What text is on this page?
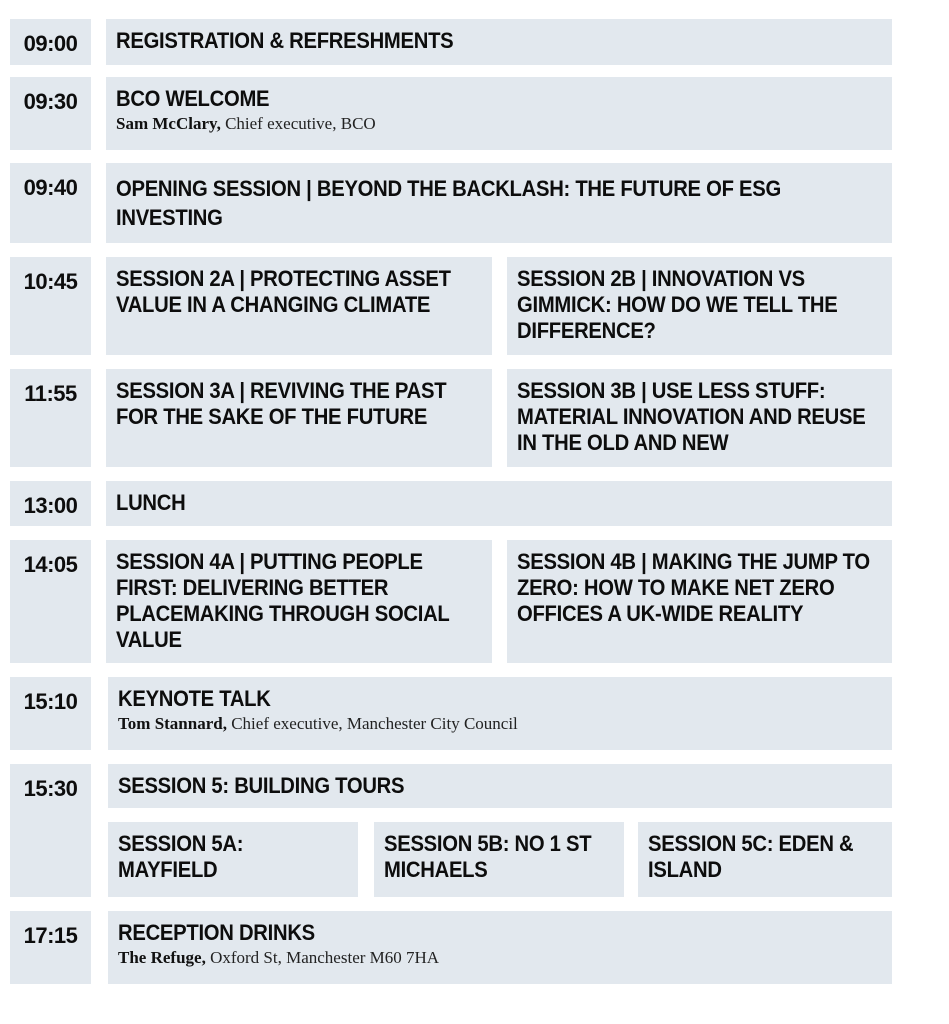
09:00	REGISTRATION & REFRESHMENTS
09:30	BCO WELCOME
Sam McClary, Chief executive, BCO
09:40	OPENING SESSION | BEYOND THE BACKLASH: THE FUTURE OF ESG INVESTING
10:45	SESSION 2A | PROTECTING ASSET VALUE IN A CHANGING CLIMATE
SESSION 2B | INNOVATION VS GIMMICK: HOW DO WE TELL THE DIFFERENCE?
11:55	SESSION 3A | REVIVING THE PAST FOR THE SAKE OF THE FUTURE
SESSION 3B | USE LESS STUFF: MATERIAL INNOVATION AND REUSE IN THE OLD AND NEW
13:00	LUNCH
14:05	SESSION 4A | PUTTING PEOPLE FIRST: DELIVERING BETTER PLACEMAKING THROUGH SOCIAL VALUE
SESSION 4B | MAKING THE JUMP TO ZERO: HOW TO MAKE NET ZERO OFFICES A UK-WIDE REALITY
15:10	KEYNOTE TALK
Tom Stannard, Chief executive, Manchester City Council
15:30	SESSION 5: BUILDING TOURS
SESSION 5A: MAYFIELD
SESSION 5B: NO 1 ST MICHAELS
SESSION 5C: EDEN & ISLAND
17:15	RECEPTION DRINKS
The Refuge, Oxford St, Manchester M60 7HA
